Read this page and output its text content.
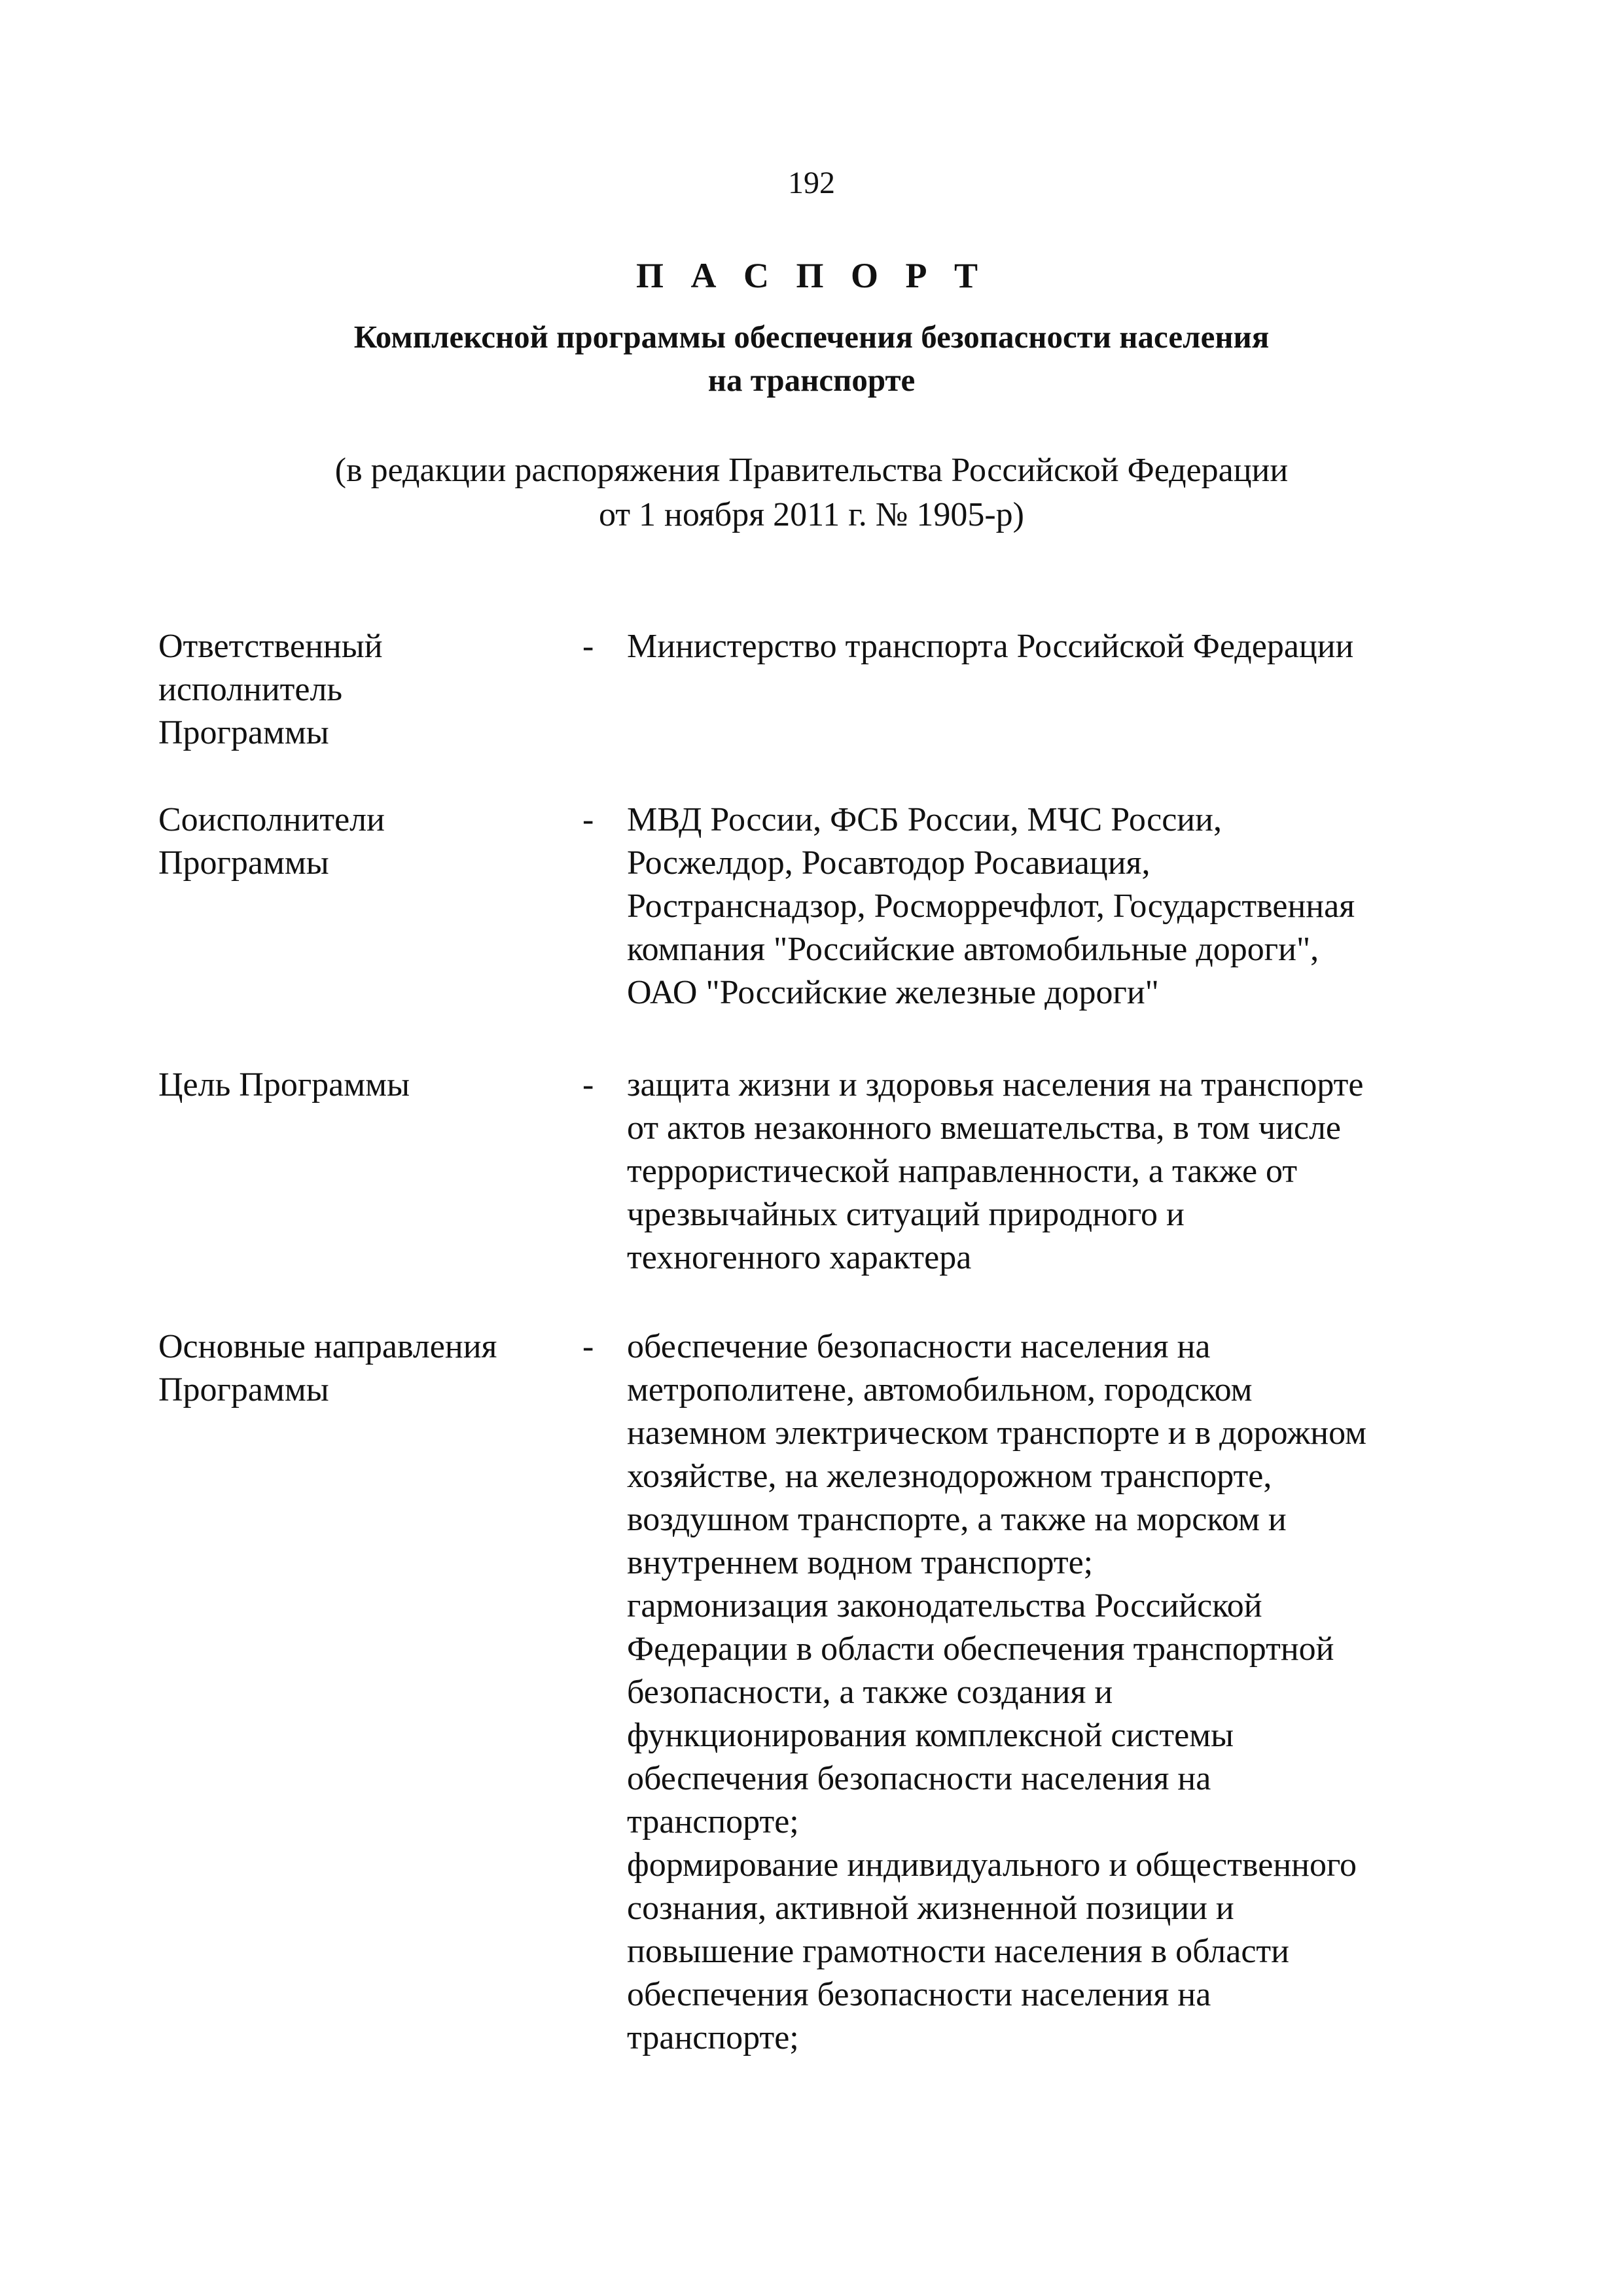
192
П А С П О Р Т
Комплексной программы обеспечения безопасности населения
на транспорте
(в редакции распоряжения Правительства Российской Федерации
от 1 ноября 2011 г. № 1905-р)
Ответственный
исполнитель
Программы
- Министерство транспорта Российской Федерации
Соисполнители
Программы
- МВД России, ФСБ России, МЧС России,
Росжелдор, Росавтодор Росавиация,
Ространснадзор, Росморречфлот, Государственная
компания "Российские автомобильные дороги",
ОАО "Российские железные дороги"
Цель Программы	- защита жизни и здоровья населения на транспорте
от актов незаконного вмешательства, в том числе
террористической направленности, а также от
чрезвычайных ситуаций природного и
техногенного характера
Основные направления
Программы
- обеспечение безопасности населения на
метрополитене, автомобильном, городском
наземном электрическом транспорте и в дорожном
хозяйстве, на железнодорожном транспорте,
воздушном транспорте, а также на морском и
внутреннем водном транспорте;
гармонизация законодательства Российской
Федерации в области обеспечения транспортной
безопасности, а также создания и
функционирования комплексной системы
обеспечения безопасности населения на
транспорте;
формирование индивидуального и общественного
сознания, активной жизненной позиции и
повышение грамотности населения в области
обеспечения безопасности населения на
транспорте;
